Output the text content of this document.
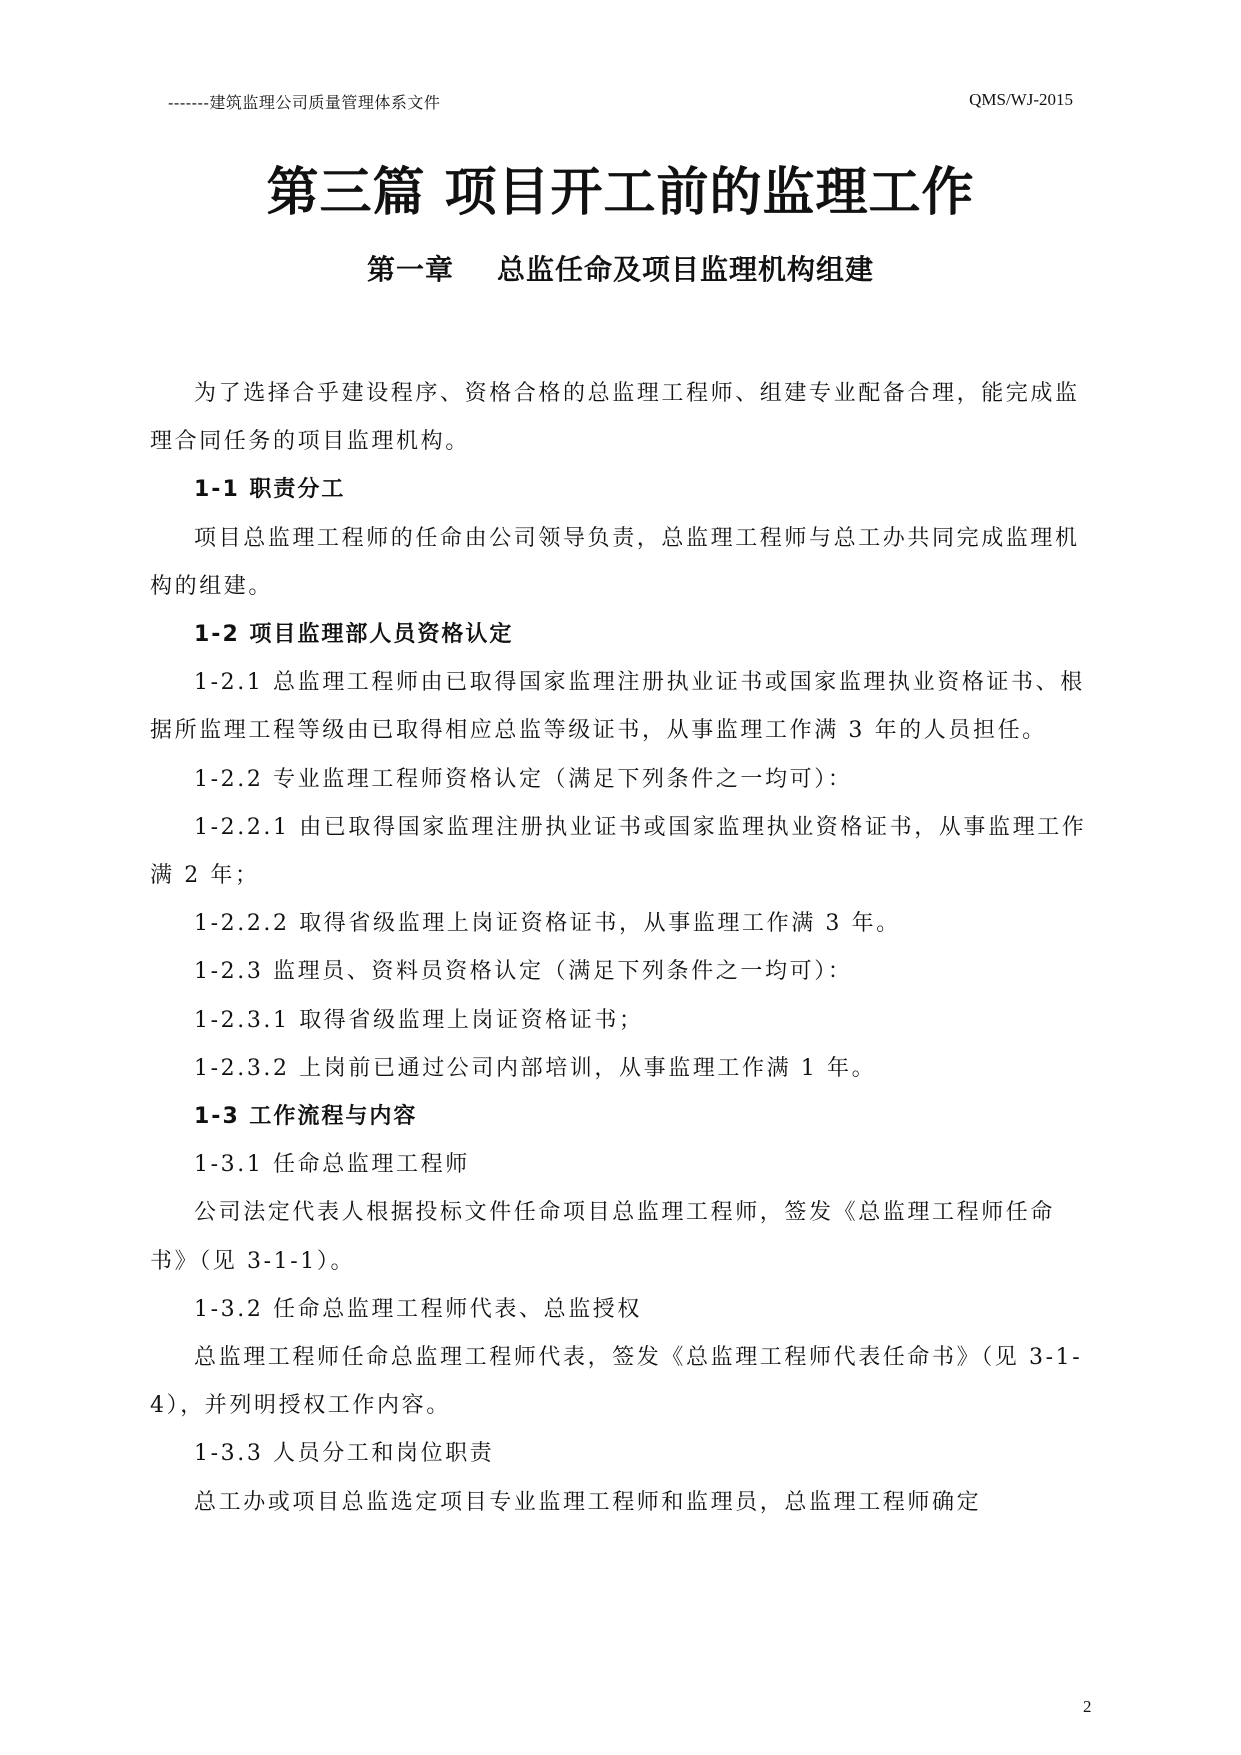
-------建筑监理公司质量管理体系文件	QMS/WJ-2015
第三篇 项目开工前的监理工作
第一章    总监任命及项目监理机构组建

为了选择合乎建设程序、资格合格的总监理工程师、组建专业配备合理，能完成监理合同任务的项目监理机构。

1-1 职责分工

项目总监理工程师的任命由公司领导负责，总监理工程师与总工办共同完成监理机构的组建。

1-2 项目监理部人员资格认定

1-2.1 总监理工程师由已取得国家监理注册执业证书或国家监理执业资格证书、根据所监理工程等级由已取得相应总监等级证书，从事监理工作满 3 年的人员担任。

1-2.2 专业监理工程师资格认定（满足下列条件之一均可）：

1-2.2.1 由已取得国家监理注册执业证书或国家监理执业资格证书，从事监理工作满 2 年；

1-2.2.2 取得省级监理上岗证资格证书，从事监理工作满 3 年。

1-2.3 监理员、资料员资格认定（满足下列条件之一均可）：

1-2.3.1 取得省级监理上岗证资格证书；

1-2.3.2 上岗前已通过公司内部培训，从事监理工作满 1 年。

1-3 工作流程与内容

1-3.1 任命总监理工程师

公司法定代表人根据投标文件任命项目总监理工程师，签发《总监理工程师任命书》（见 3-1-1）。

1-3.2 任命总监理工程师代表、总监授权

总监理工程师任命总监理工程师代表，签发《总监理工程师代表任命书》（见 3-1-4），并列明授权工作内容。

1-3.3 人员分工和岗位职责

总工办或项目总监选定项目专业监理工程师和监理员，总监理工程师确定

2
